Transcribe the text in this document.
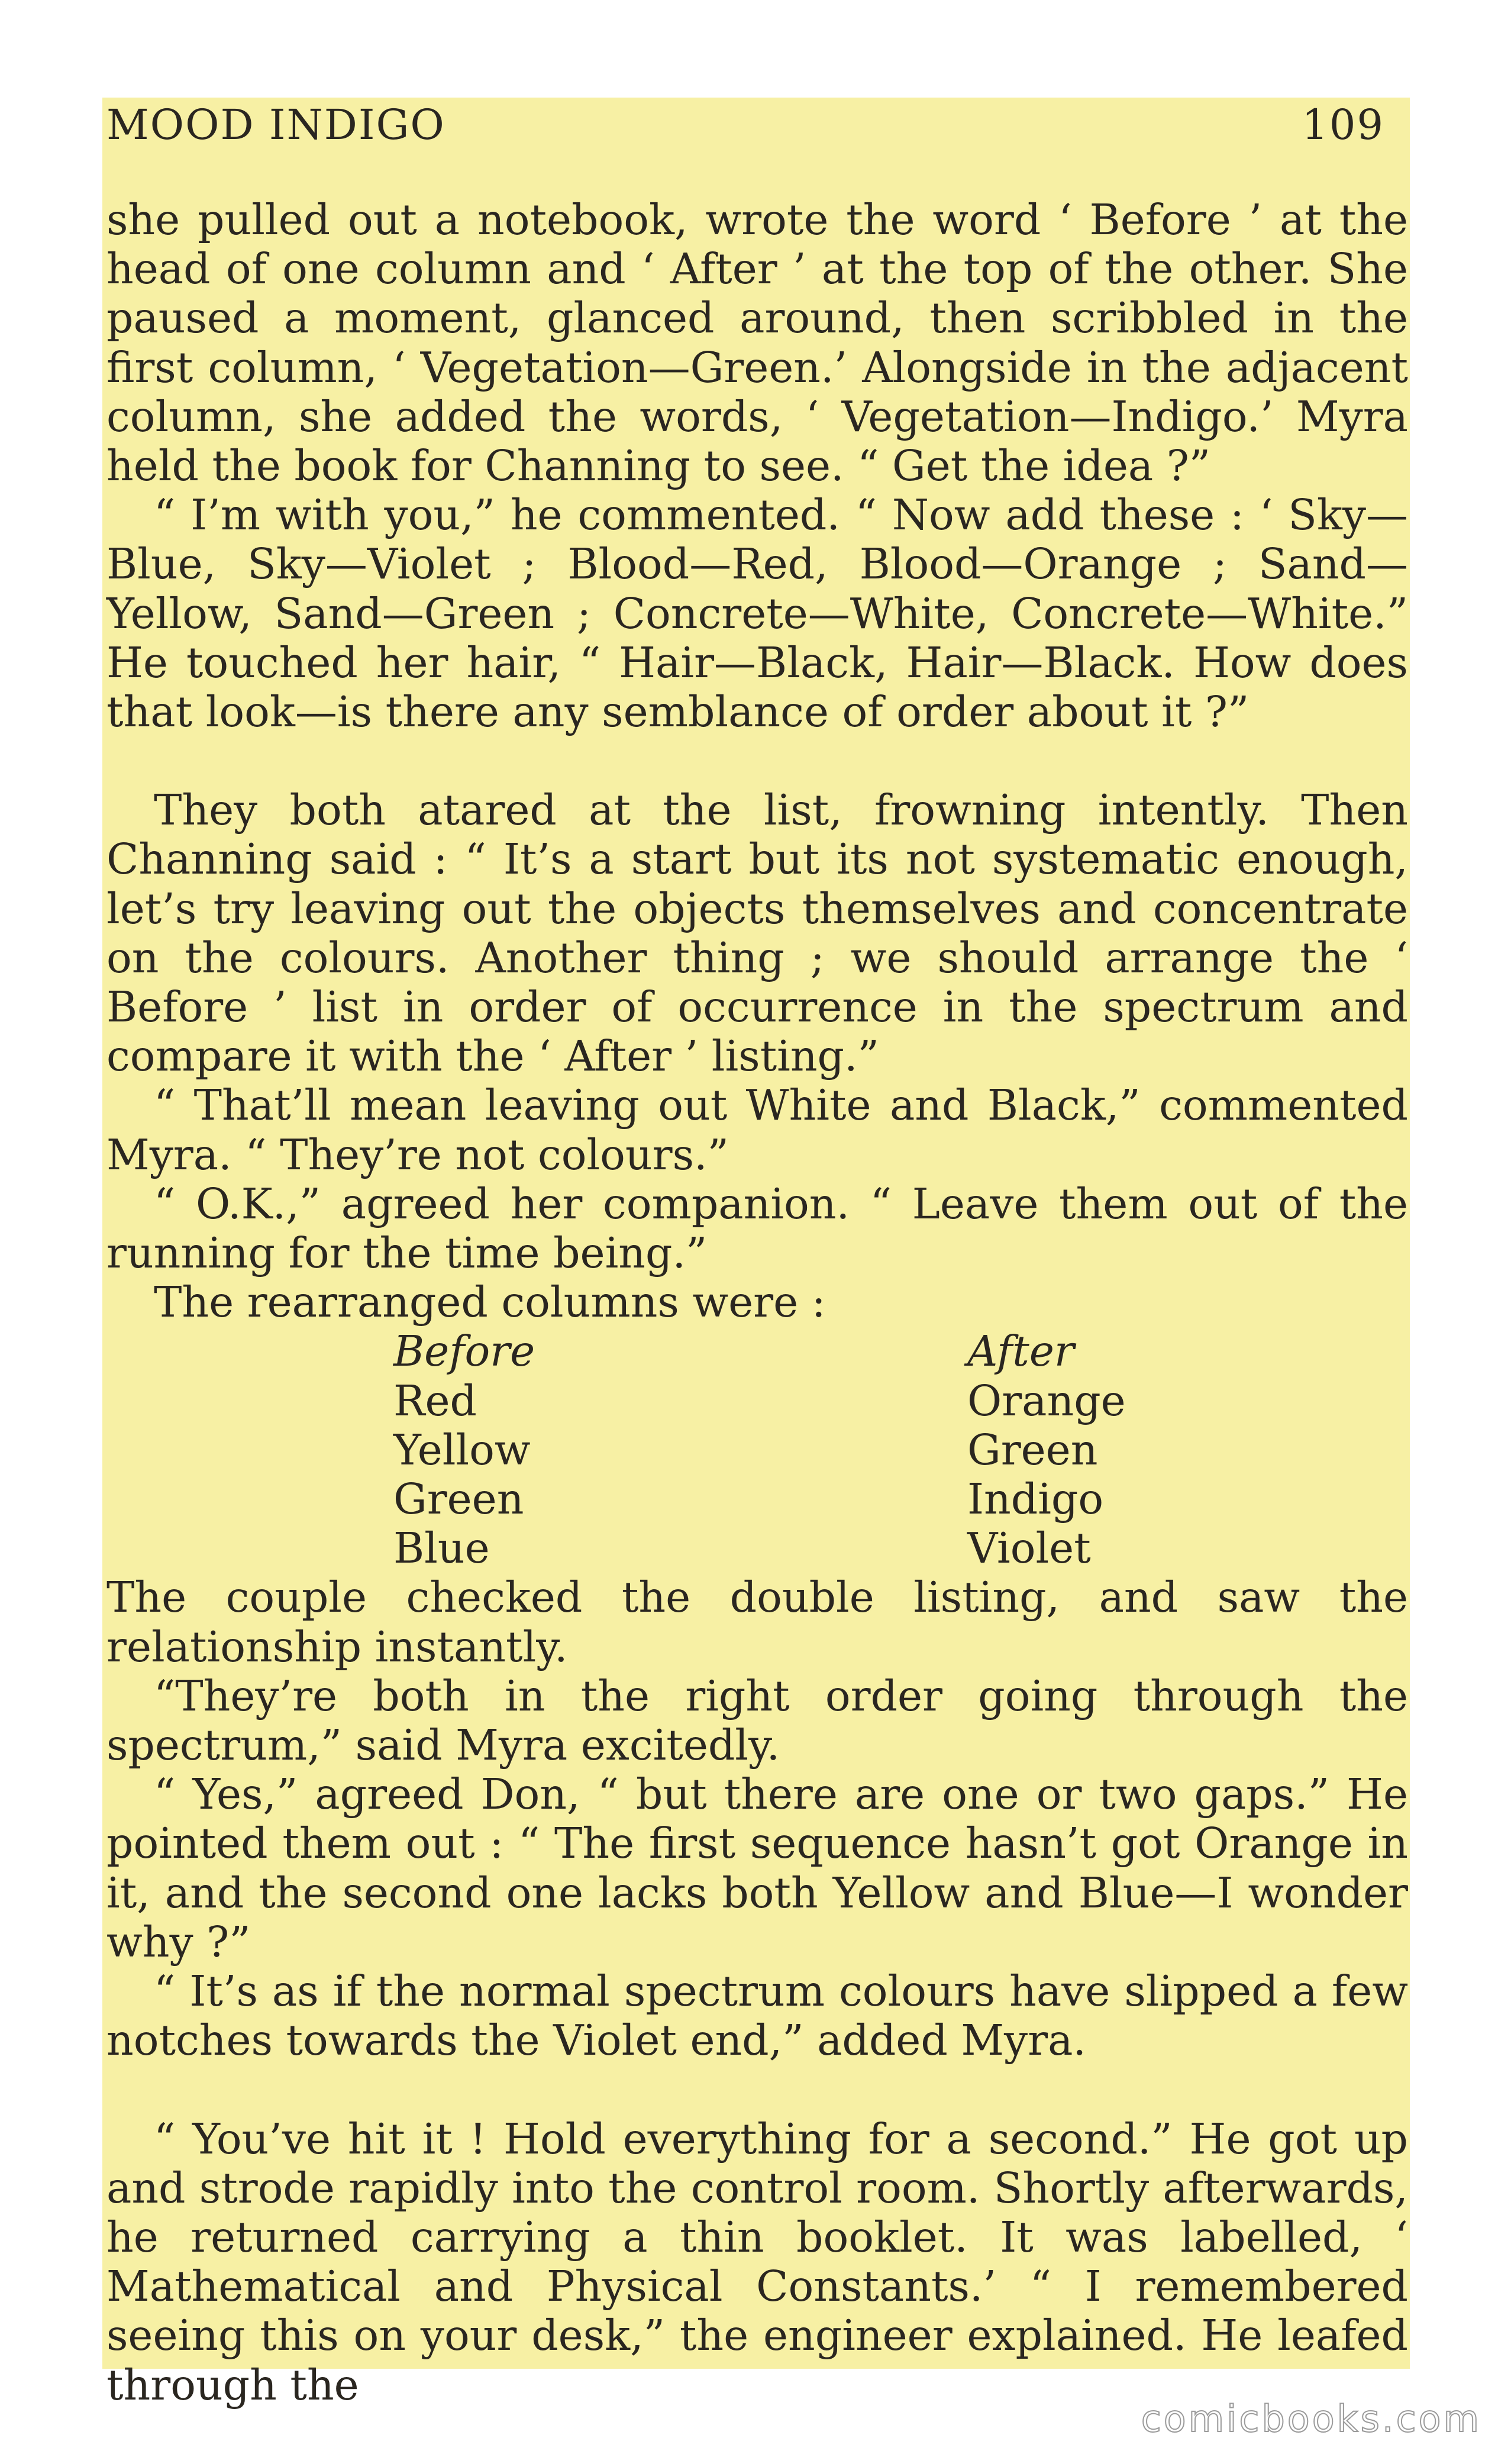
MOOD INDIGO	109

she pulled out a notebook, wrote the word ‘ Before ’ at the head of one column and ‘ After ’ at the top of the other. She paused a moment, glanced around, then scribbled in the first column, ‘ Vegetation—Green.’ Alongside in the adjacent column, she added the words, ‘ Vegetation—Indigo.’ Myra held the book for Channing to see. “ Get the idea ?”

“ I’m with you,” he commented. “ Now add these : ‘ Sky—Blue, Sky—Violet ; Blood—Red, Blood—Orange ; Sand—Yellow, Sand—Green ; Concrete—White, Concrete—White.” He touched her hair, “ Hair—Black, Hair—Black. How does that look—is there any semblance of order about it ?”

They both atared at the list, frowning intently. Then Channing said : “ It’s a start but its not systematic enough, let’s try leaving out the objects themselves and concentrate on the colours. Another thing ; we should arrange the ‘ Before ’ list in order of occurrence in the spectrum and compare it with the ‘ After ’ listing.”

“ That’ll mean leaving out White and Black,” commented Myra. “ They’re not colours.”

“ O.K.,” agreed her companion. “ Leave them out of the running for the time being.”

The rearranged columns were :

Before
Red
Yellow
Green
Blue
After
Orange
Green
Indigo
Violet

The couple checked the double listing, and saw the relationship instantly.

“They’re both in the right order going through the spectrum,” said Myra excitedly.

“ Yes,” agreed Don, “ but there are one or two gaps.” He pointed them out : “ The first sequence hasn’t got Orange in it, and the second one lacks both Yellow and Blue—I wonder why ?”

“ It’s as if the normal spectrum colours have slipped a few notches towards the Violet end,” added Myra.

“ You’ve hit it ! Hold everything for a second.” He got up and strode rapidly into the control room. Shortly afterwards, he returned carrying a thin booklet. It was labelled, ‘ Mathematical and Physical Constants.’ “ I remembered seeing this on your desk,” the engineer explained. He leafed through the

comicbooks.com
